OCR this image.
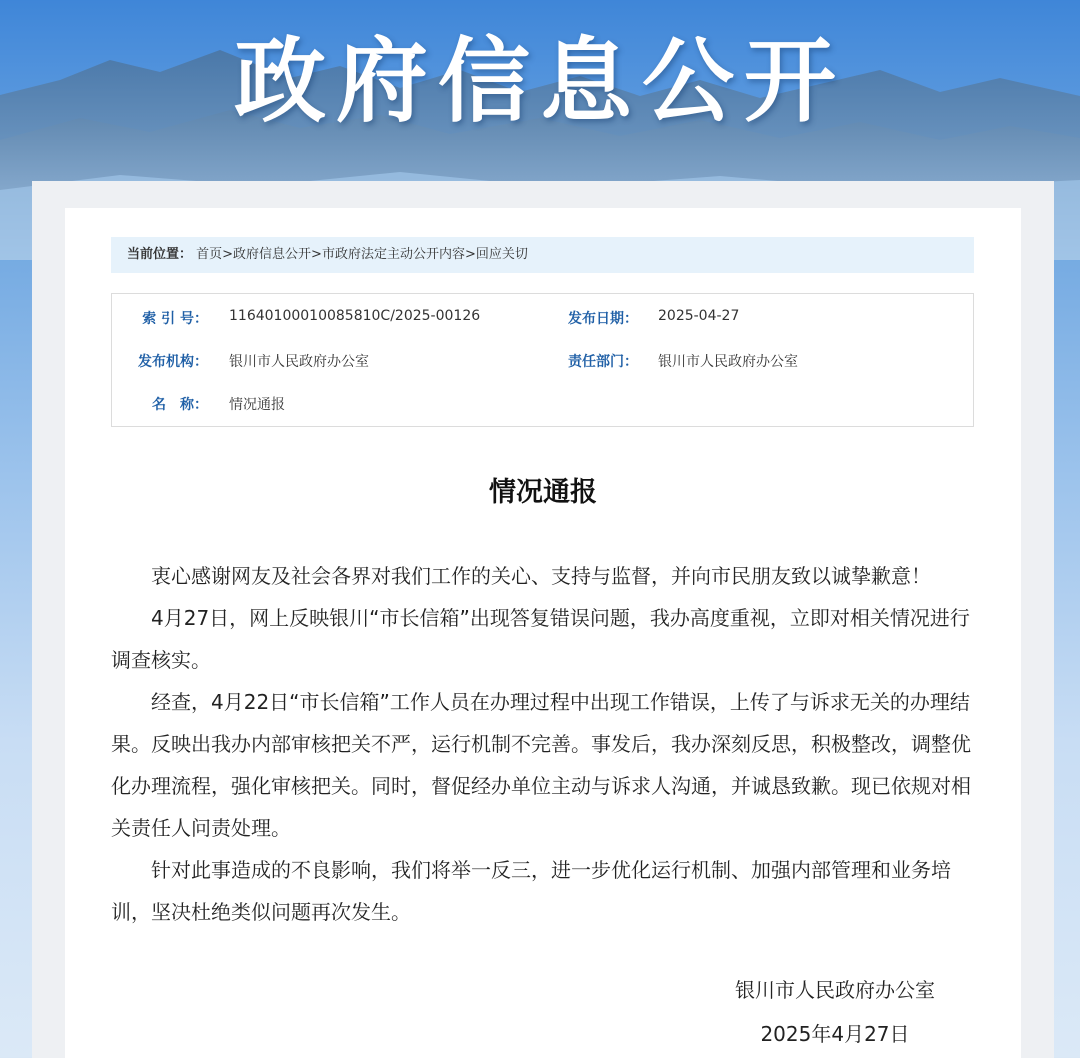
政府信息公开
当前位置： 首页>政府信息公开>市政府法定主动公开内容>回应关切
索 引 号： 11640100010085810C/2025-00126	发布日期： 2025-04-27
发布机构： 银川市人民政府办公室	责任部门： 银川市人民政府办公室
名　称： 情况通报
情况通报

衷心感谢网友及社会各界对我们工作的关心、支持与监督，并向市民朋友致以诚挚歉意！

4月27日，网上反映银川“市长信箱”出现答复错误问题，我办高度重视，立即对相关情况进行调查核实。

经查，4月22日“市长信箱”工作人员在办理过程中出现工作错误，上传了与诉求无关的办理结果。反映出我办内部审核把关不严，运行机制不完善。事发后，我办深刻反思，积极整改，调整优化办理流程，强化审核把关。同时，督促经办单位主动与诉求人沟通，并诚恳致歉。现已依规对相关责任人问责处理。

针对此事造成的不良影响，我们将举一反三，进一步优化运行机制、加强内部管理和业务培训，坚决杜绝类似问题再次发生。

银川市人民政府办公室
2025年4月27日
